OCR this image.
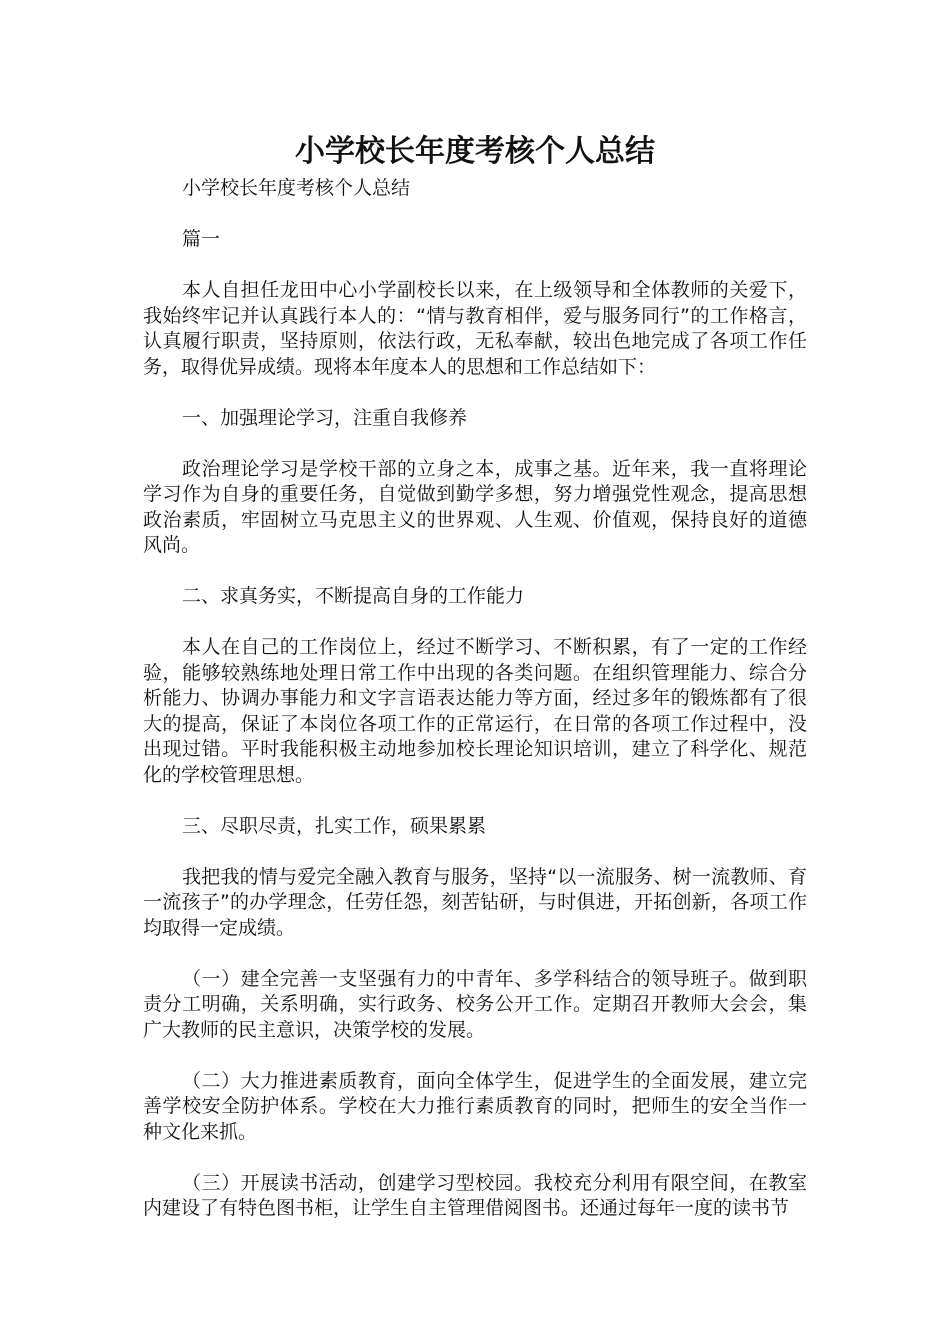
小学校长年度考核个人总结

小学校长年度考核个人总结

篇一

本人自担任龙田中心小学副校长以来，在上级领导和全体教师的关爱下，我始终牢记并认真践行本人的：“情与教育相伴，爱与服务同行”的工作格言，认真履行职责，坚持原则，依法行政，无私奉献，较出色地完成了各项工作任务，取得优异成绩。现将本年度本人的思想和工作总结如下：

一、加强理论学习，注重自我修养

政治理论学习是学校干部的立身之本，成事之基。近年来，我一直将理论学习作为自身的重要任务，自觉做到勤学多想，努力增强党性观念，提高思想政治素质，牢固树立马克思主义的世界观、人生观、价值观，保持良好的道德风尚。

二、求真务实，不断提高自身的工作能力

本人在自己的工作岗位上，经过不断学习、不断积累，有了一定的工作经验，能够较熟练地处理日常工作中出现的各类问题。在组织管理能力、综合分析能力、协调办事能力和文字言语表达能力等方面，经过多年的锻炼都有了很大的提高，保证了本岗位各项工作的正常运行，在日常的各项工作过程中，没出现过错。平时我能积极主动地参加校长理论知识培训，建立了科学化、规范化的学校管理思想。

三、尽职尽责，扎实工作，硕果累累

我把我的情与爱完全融入教育与服务，坚持“以一流服务、树一流教师、育一流孩子”的办学理念，任劳任怨，刻苦钻研，与时俱进，开拓创新，各项工作均取得一定成绩。

（一）建全完善一支坚强有力的中青年、多学科结合的领导班子。做到职责分工明确，关系明确，实行政务、校务公开工作。定期召开教师大会会，集广大教师的民主意识，决策学校的发展。

（二）大力推进素质教育，面向全体学生，促进学生的全面发展，建立完善学校安全防护体系。学校在大力推行素质教育的同时，把师生的安全当作一种文化来抓。

（三）开展读书活动，创建学习型校园。我校充分利用有限空间，在教室内建设了有特色图书柜，让学生自主管理借阅图书。还通过每年一度的读书节
